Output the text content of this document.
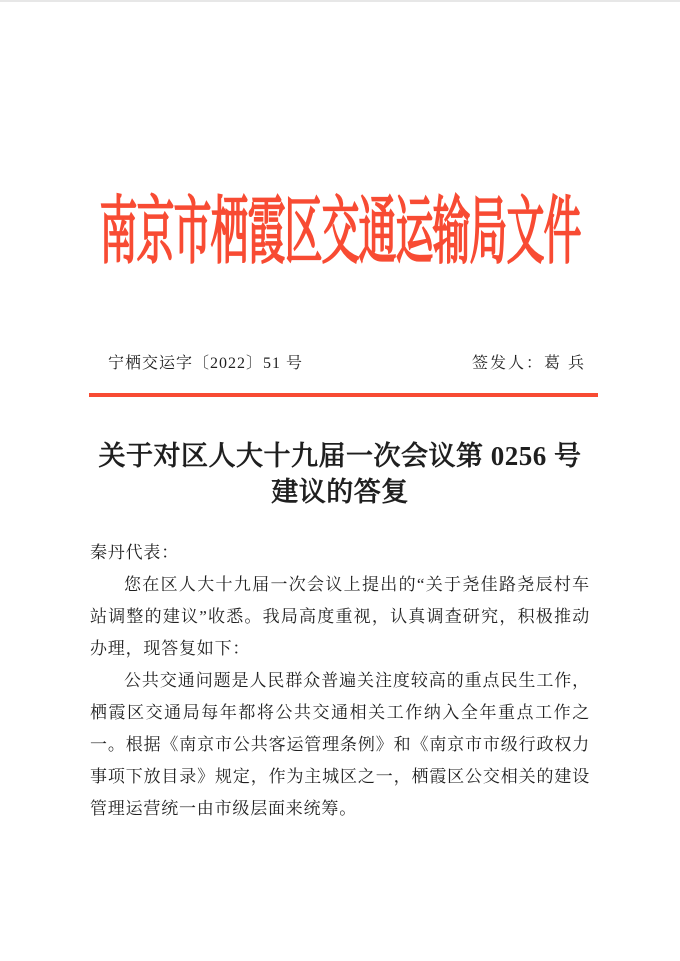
南京市栖霞区交通运输局文件
宁栖交运字〔2022〕51 号	签发人：葛 兵
关于对区人大十九届一次会议第 0256 号
建议的答复

秦丹代表：

您在区人大十九届一次会议上提出的“关于尧佳路尧辰村车站调整的建议”收悉。我局高度重视，认真调查研究，积极推动办理，现答复如下：

公共交通问题是人民群众普遍关注度较高的重点民生工作，栖霞区交通局每年都将公共交通相关工作纳入全年重点工作之一。根据《南京市公共客运管理条例》和《南京市市级行政权力事项下放目录》规定，作为主城区之一，栖霞区公交相关的建设管理运营统一由市级层面来统筹。
